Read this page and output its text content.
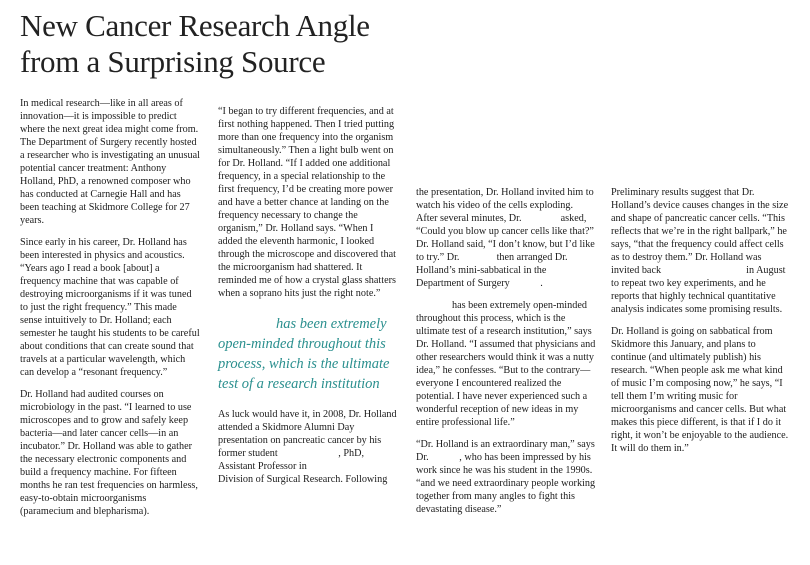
New Cancer Research Angle
from a Surprising Source

In medical research—like in all areas of innovation—it is impossible to predict where the next great idea might come from. The Department of Surgery recently hosted a researcher who is investigating an unusual potential cancer treatment: Anthony Holland, PhD, a renowned composer who has conducted at Carnegie Hall and has been teaching at Skidmore College for 27 years.

Since early in his career, Dr. Holland has been interested in physics and acoustics. “Years ago I read a book [about] a frequency machine that was capable of destroying microorganisms if it was tuned to just the right frequency.” This made sense intuitively to Dr. Holland; each semester he taught his students to be careful about conditions that can create sound that travels at a particular wavelength, which can develop a “resonant frequency.”

Dr. Holland had audited courses on microbiology in the past. “I learned to use microscopes and to grow and safely keep bacteria—and later cancer cells—in an incubator.” Dr. Holland was able to gather the necessary electronic components and build a frequency machine. For fifteen months he ran test frequencies on harmless, easy-to-obtain microorganisms (paramecium and blepharisma).

“I began to try different frequencies, and at first nothing happened. Then I tried putting more than one frequency into the organism simultaneously.” Then a light bulb went on for Dr. Holland. “If I added one additional frequency, in a special relationship to the first frequency, I’d be creating more power and have a better chance at landing on the frequency necessary to change the organism,” Dr. Holland says. “When I added the eleventh harmonic, I looked through the microscope and discovered that the microorganism had shattered. It reminded me of how a crystal glass shatters when a soprano hits just the right note.”

has been extremely open-minded throughout this process, which is the ultimate test of a research institution

As luck would have it, in 2008, Dr. Holland attended a Skidmore Alumni Day presentation on pancreatic cancer by his former student	, PhD, Assistant Professor in
Division of Surgical Research. Following

the presentation, Dr. Holland invited him to watch his video of the cells exploding. After several minutes, Dr.	asked, “Could you blow up cancer cells like that?” Dr. Holland said, “I don’t know, but I’d like to try.” Dr.	then arranged Dr. Holland’s mini-sabbatical in the Department of Surgery	.

has been extremely open-minded throughout this process, which is the ultimate test of a research institution,” says Dr. Holland. “I assumed that physicians and other researchers would think it was a nutty idea,” he confesses. “But to the contrary—everyone I encountered realized the potential. I have never experienced such a wonderful reception of new ideas in my entire professional life.”

“Dr. Holland is an extraordinary man,” says Dr.	, who has been impressed by his work since he was his student in the 1990s. “and we need extraordinary people working together from many angles to fight this devastating disease.”

Preliminary results suggest that Dr. Holland’s device causes changes in the size and shape of pancreatic cancer cells. “This reflects that we’re in the right ballpark,” he says, “that the frequency could affect cells as to destroy them.” Dr. Holland was invited back	in August to repeat two key experiments, and he reports that highly technical quantitative analysis indicates some promising results.

Dr. Holland is going on sabbatical from Skidmore this January, and plans to continue (and ultimately publish) his research. “When people ask me what kind of music I’m composing now,” he says, “I tell them I’m writing music for microorganisms and cancer cells. But what makes this piece different, is that if I do it right, it won’t be enjoyable to the audience. It will do them in.”
